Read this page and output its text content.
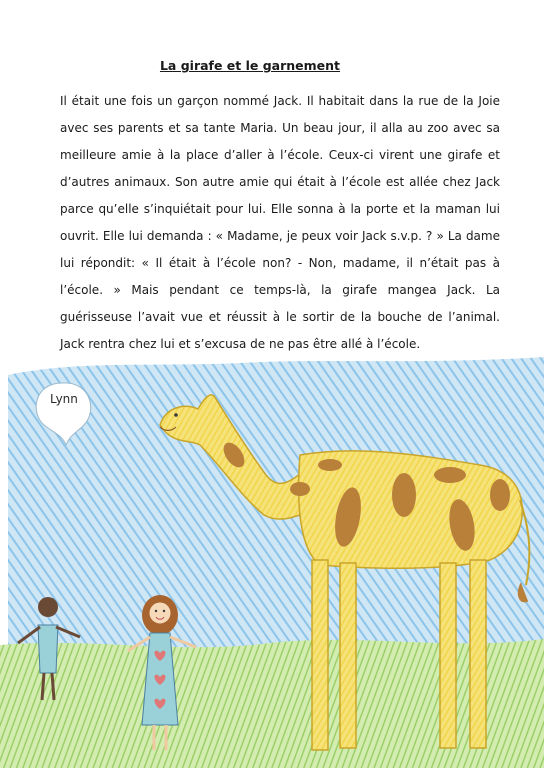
La girafe et le garnement

Il était une fois un garçon nommé Jack. Il habitait dans la rue de la Joie avec ses parents et sa tante Maria. Un beau jour, il alla au zoo avec sa meilleure amie à la place d’aller à l’école. Ceux-ci virent une girafe et d’autres animaux. Son autre amie qui était à l’école est allée chez Jack parce qu’elle s’inquiétait pour lui. Elle sonna à la porte et la maman lui ouvrit. Elle lui demanda : « Madame, je peux voir Jack s.v.p. ? » La dame lui répondit: « Il était à l’école non? - Non, madame, il n’était pas à l’école. » Mais pendant ce temps-là, la girafe mangea Jack. La guérisseuse l’avait vue et réussit à le sortir de la bouche de l’animal. Jack rentra chez lui et s’excusa de ne pas être allé à l’école.

Lynn
